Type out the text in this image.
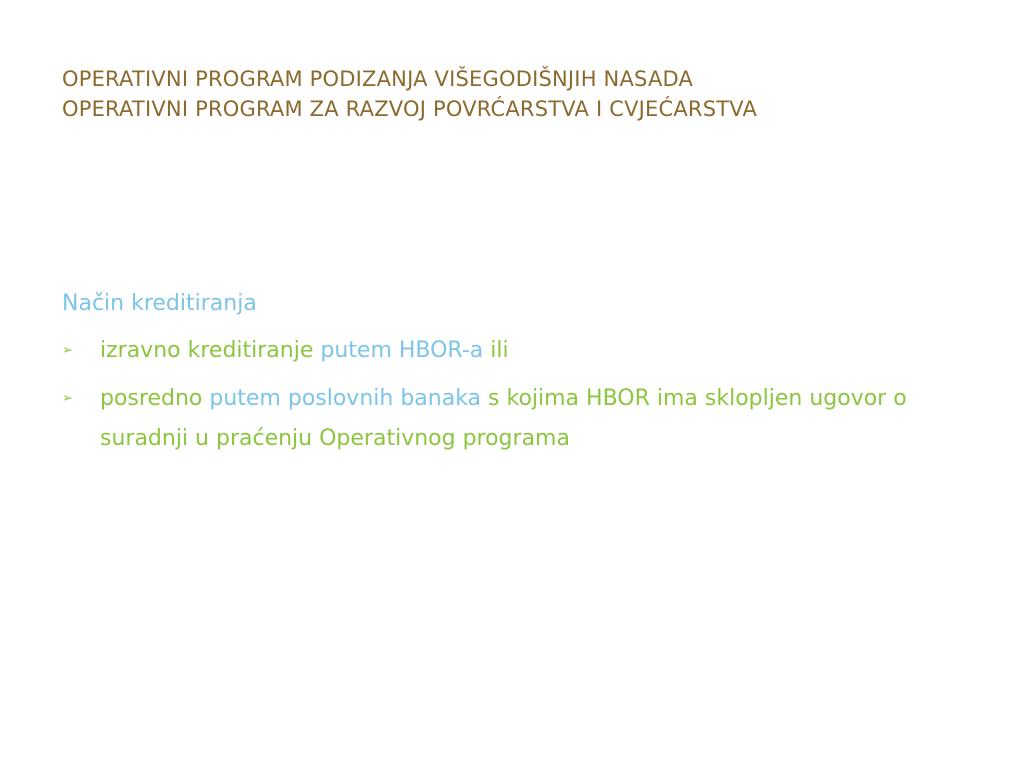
OPERATIVNI PROGRAM PODIZANJA VIŠEGODIŠNJIH NASADA
OPERATIVNI PROGRAM ZA RAZVOJ POVRĆARSTVA I CVJEĆARSTVA
Način kreditiranja
➢ izravno kreditiranje putem HBOR-a ili
➢ posredno putem poslovnih banaka s kojima HBOR ima sklopljen ugovor o suradnji u praćenju Operativnog programa
